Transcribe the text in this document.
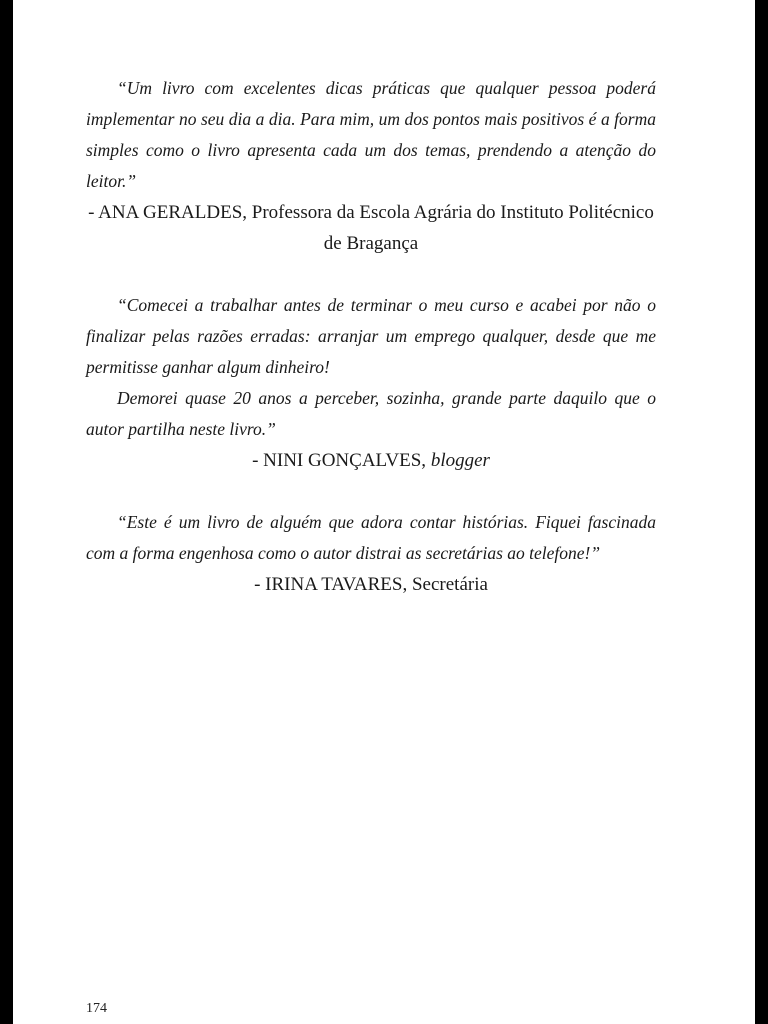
“Um livro com excelentes dicas práticas que qualquer pessoa poderá implementar no seu dia a dia. Para mim, um dos pontos mais positivos é a forma simples como o livro apresenta cada um dos temas, prendendo a atenção do leitor.”

- ANA GERALDES, Professora da Escola Agrária do Instituto Politécnico de Bragança

“Comecei a trabalhar antes de terminar o meu curso e acabei por não o finalizar pelas razões erradas: arranjar um emprego qualquer, desde que me permitisse ganhar algum dinheiro!

Demorei quase 20 anos a perceber, sozinha, grande parte daquilo que o autor partilha neste livro.”

- NINI GONÇALVES, blogger

“Este é um livro de alguém que adora contar histórias. Fiquei fascinada com a forma engenhosa como o autor distrai as secretárias ao telefone!”

- IRINA TAVARES, Secretária

174
